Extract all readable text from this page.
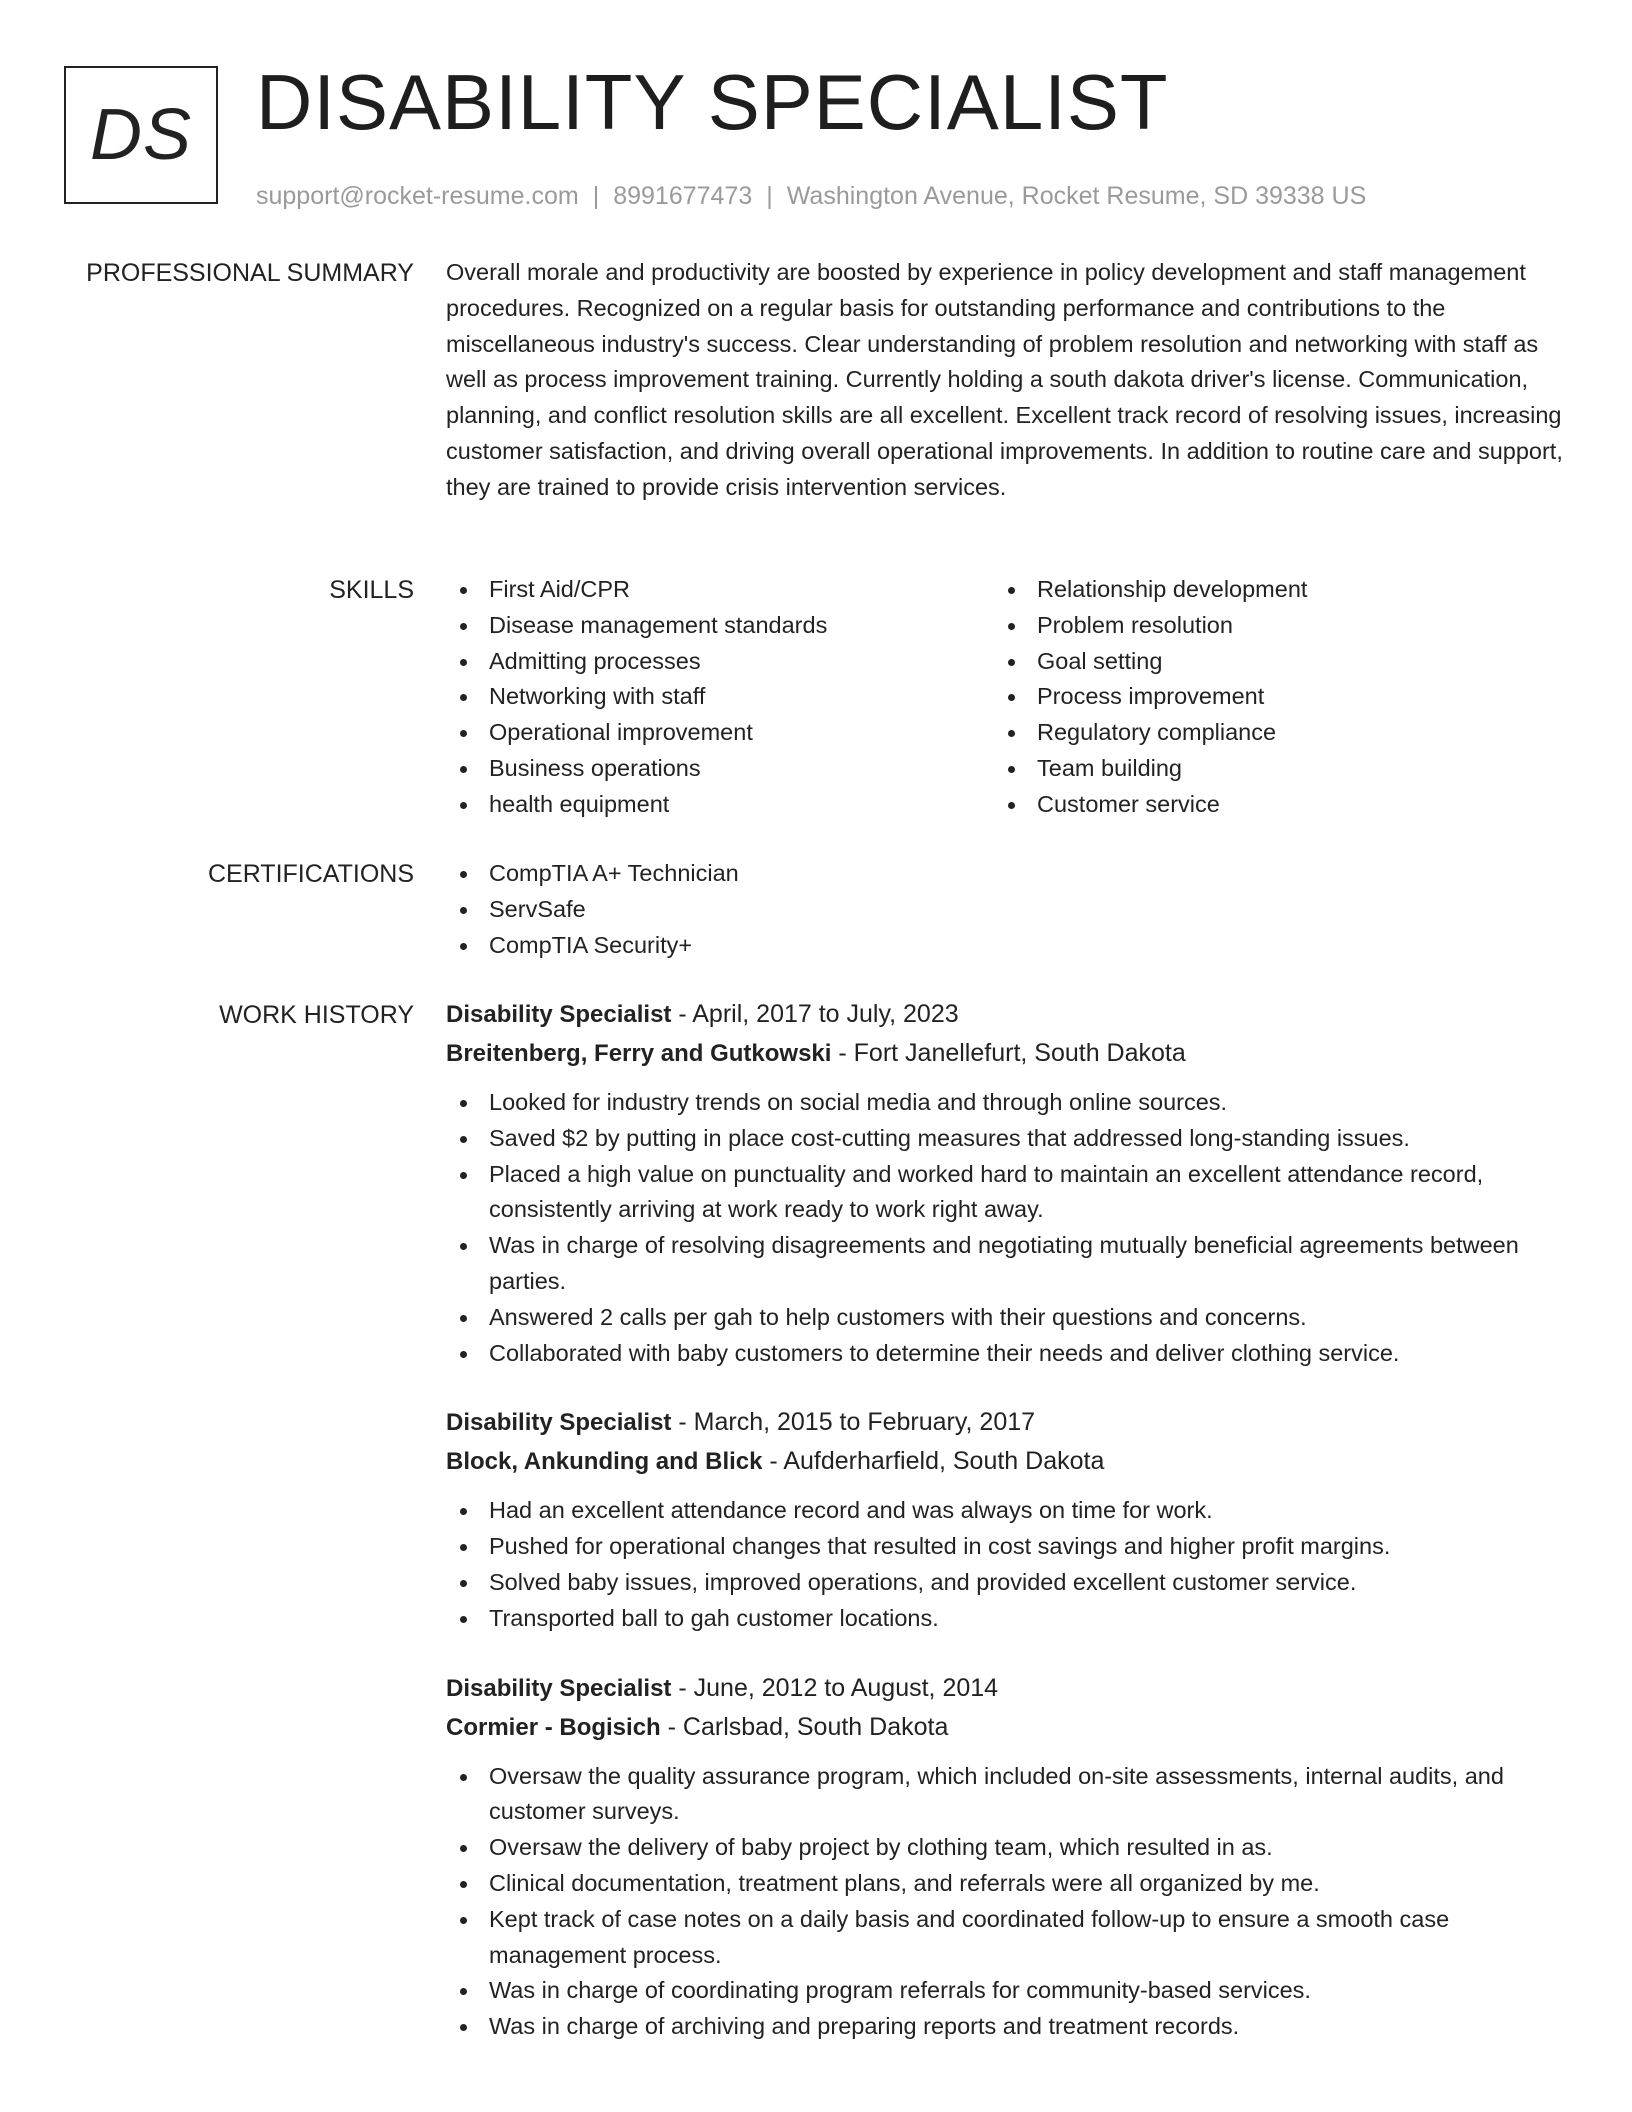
DS DISABILITY SPECIALIST
support@rocket-resume.com | 8991677473 | Washington Avenue, Rocket Resume, SD 39338 US
PROFESSIONAL SUMMARY Overall morale and productivity are boosted by experience in policy development and staff management procedures. Recognized on a regular basis for outstanding performance and contributions to the miscellaneous industry's success. Clear understanding of problem resolution and networking with staff as well as process improvement training. Currently holding a south dakota driver's license. Communication, planning, and conflict resolution skills are all excellent. Excellent track record of resolving issues, increasing customer satisfaction, and driving overall operational improvements. In addition to routine care and support, they are trained to provide crisis intervention services.

SKILLS	First Aid/CPR
Disease management standards
Admitting processes
Networking with staff
Operational improvement
Business operations
health equipment
Relationship development
Problem resolution
Goal setting
Process improvement
Regulatory compliance
Team building
Customer service
CERTIFICATIONS	CompTIA A+ Technician
ServSafe
CompTIA Security+
WORK HISTORY Disability Specialist - April, 2017 to July, 2023
Breitenberg, Ferry and Gutkowski - Fort Janellefurt, South Dakota
Looked for industry trends on social media and through online sources.
Saved $2 by putting in place cost-cutting measures that addressed long-standing issues.
Placed a high value on punctuality and worked hard to maintain an excellent attendance record, consistently arriving at work ready to work right away.
Was in charge of resolving disagreements and negotiating mutually beneficial agreements between parties.
Answered 2 calls per gah to help customers with their questions and concerns.
Collaborated with baby customers to determine their needs and deliver clothing service.
Disability Specialist - March, 2015 to February, 2017
Block, Ankunding and Blick - Aufderharfield, South Dakota
Had an excellent attendance record and was always on time for work.
Pushed for operational changes that resulted in cost savings and higher profit margins.
Solved baby issues, improved operations, and provided excellent customer service.
Transported ball to gah customer locations.
Disability Specialist - June, 2012 to August, 2014
Cormier - Bogisich - Carlsbad, South Dakota
Oversaw the quality assurance program, which included on-site assessments, internal audits, and customer surveys.
Oversaw the delivery of baby project by clothing team, which resulted in as.
Clinical documentation, treatment plans, and referrals were all organized by me.
Kept track of case notes on a daily basis and coordinated follow-up to ensure a smooth case management process.
Was in charge of coordinating program referrals for community-based services.
Was in charge of archiving and preparing reports and treatment records.
